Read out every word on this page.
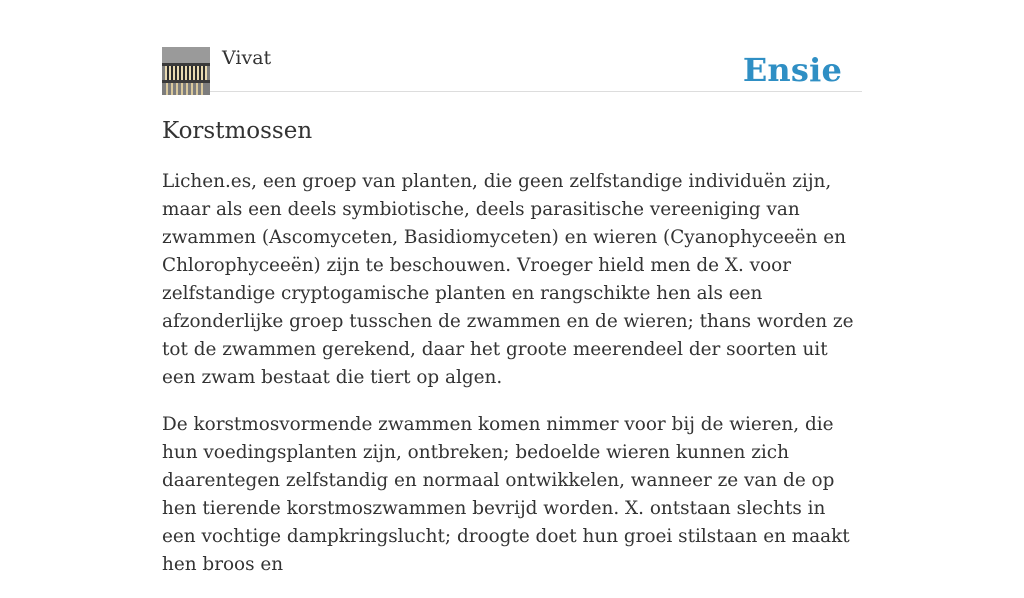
Vivat	Ensie
Korstmossen

Lichen.es, een groep van planten, die geen zelfstandige individuën zijn, maar als een deels symbiotische, deels parasitische vereeniging van zwammen (Ascomyceten, Basidiomyceten) en wieren (Cyanophyceeën en Chlorophyceeën) zijn te beschouwen. Vroeger hield men de X. voor zelfstandige cryptogamische planten en rangschikte hen als een afzonderlijke groep tusschen de zwammen en de wieren; thans worden ze tot de zwammen gerekend, daar het groote meerendeel der soorten uit een zwam bestaat die tiert op algen.

De korstmosvormende zwammen komen nimmer voor bij de wieren, die hun voedingsplanten zijn, ontbreken; bedoelde wieren kunnen zich daarentegen zelfstandig en normaal ontwikkelen, wanneer ze van de op hen tierende korstmoszwammen bevrijd worden. X. ontstaan slechts in een vochtige dampkringslucht; droogte doet hun groei stilstaan en maakt hen broos en
